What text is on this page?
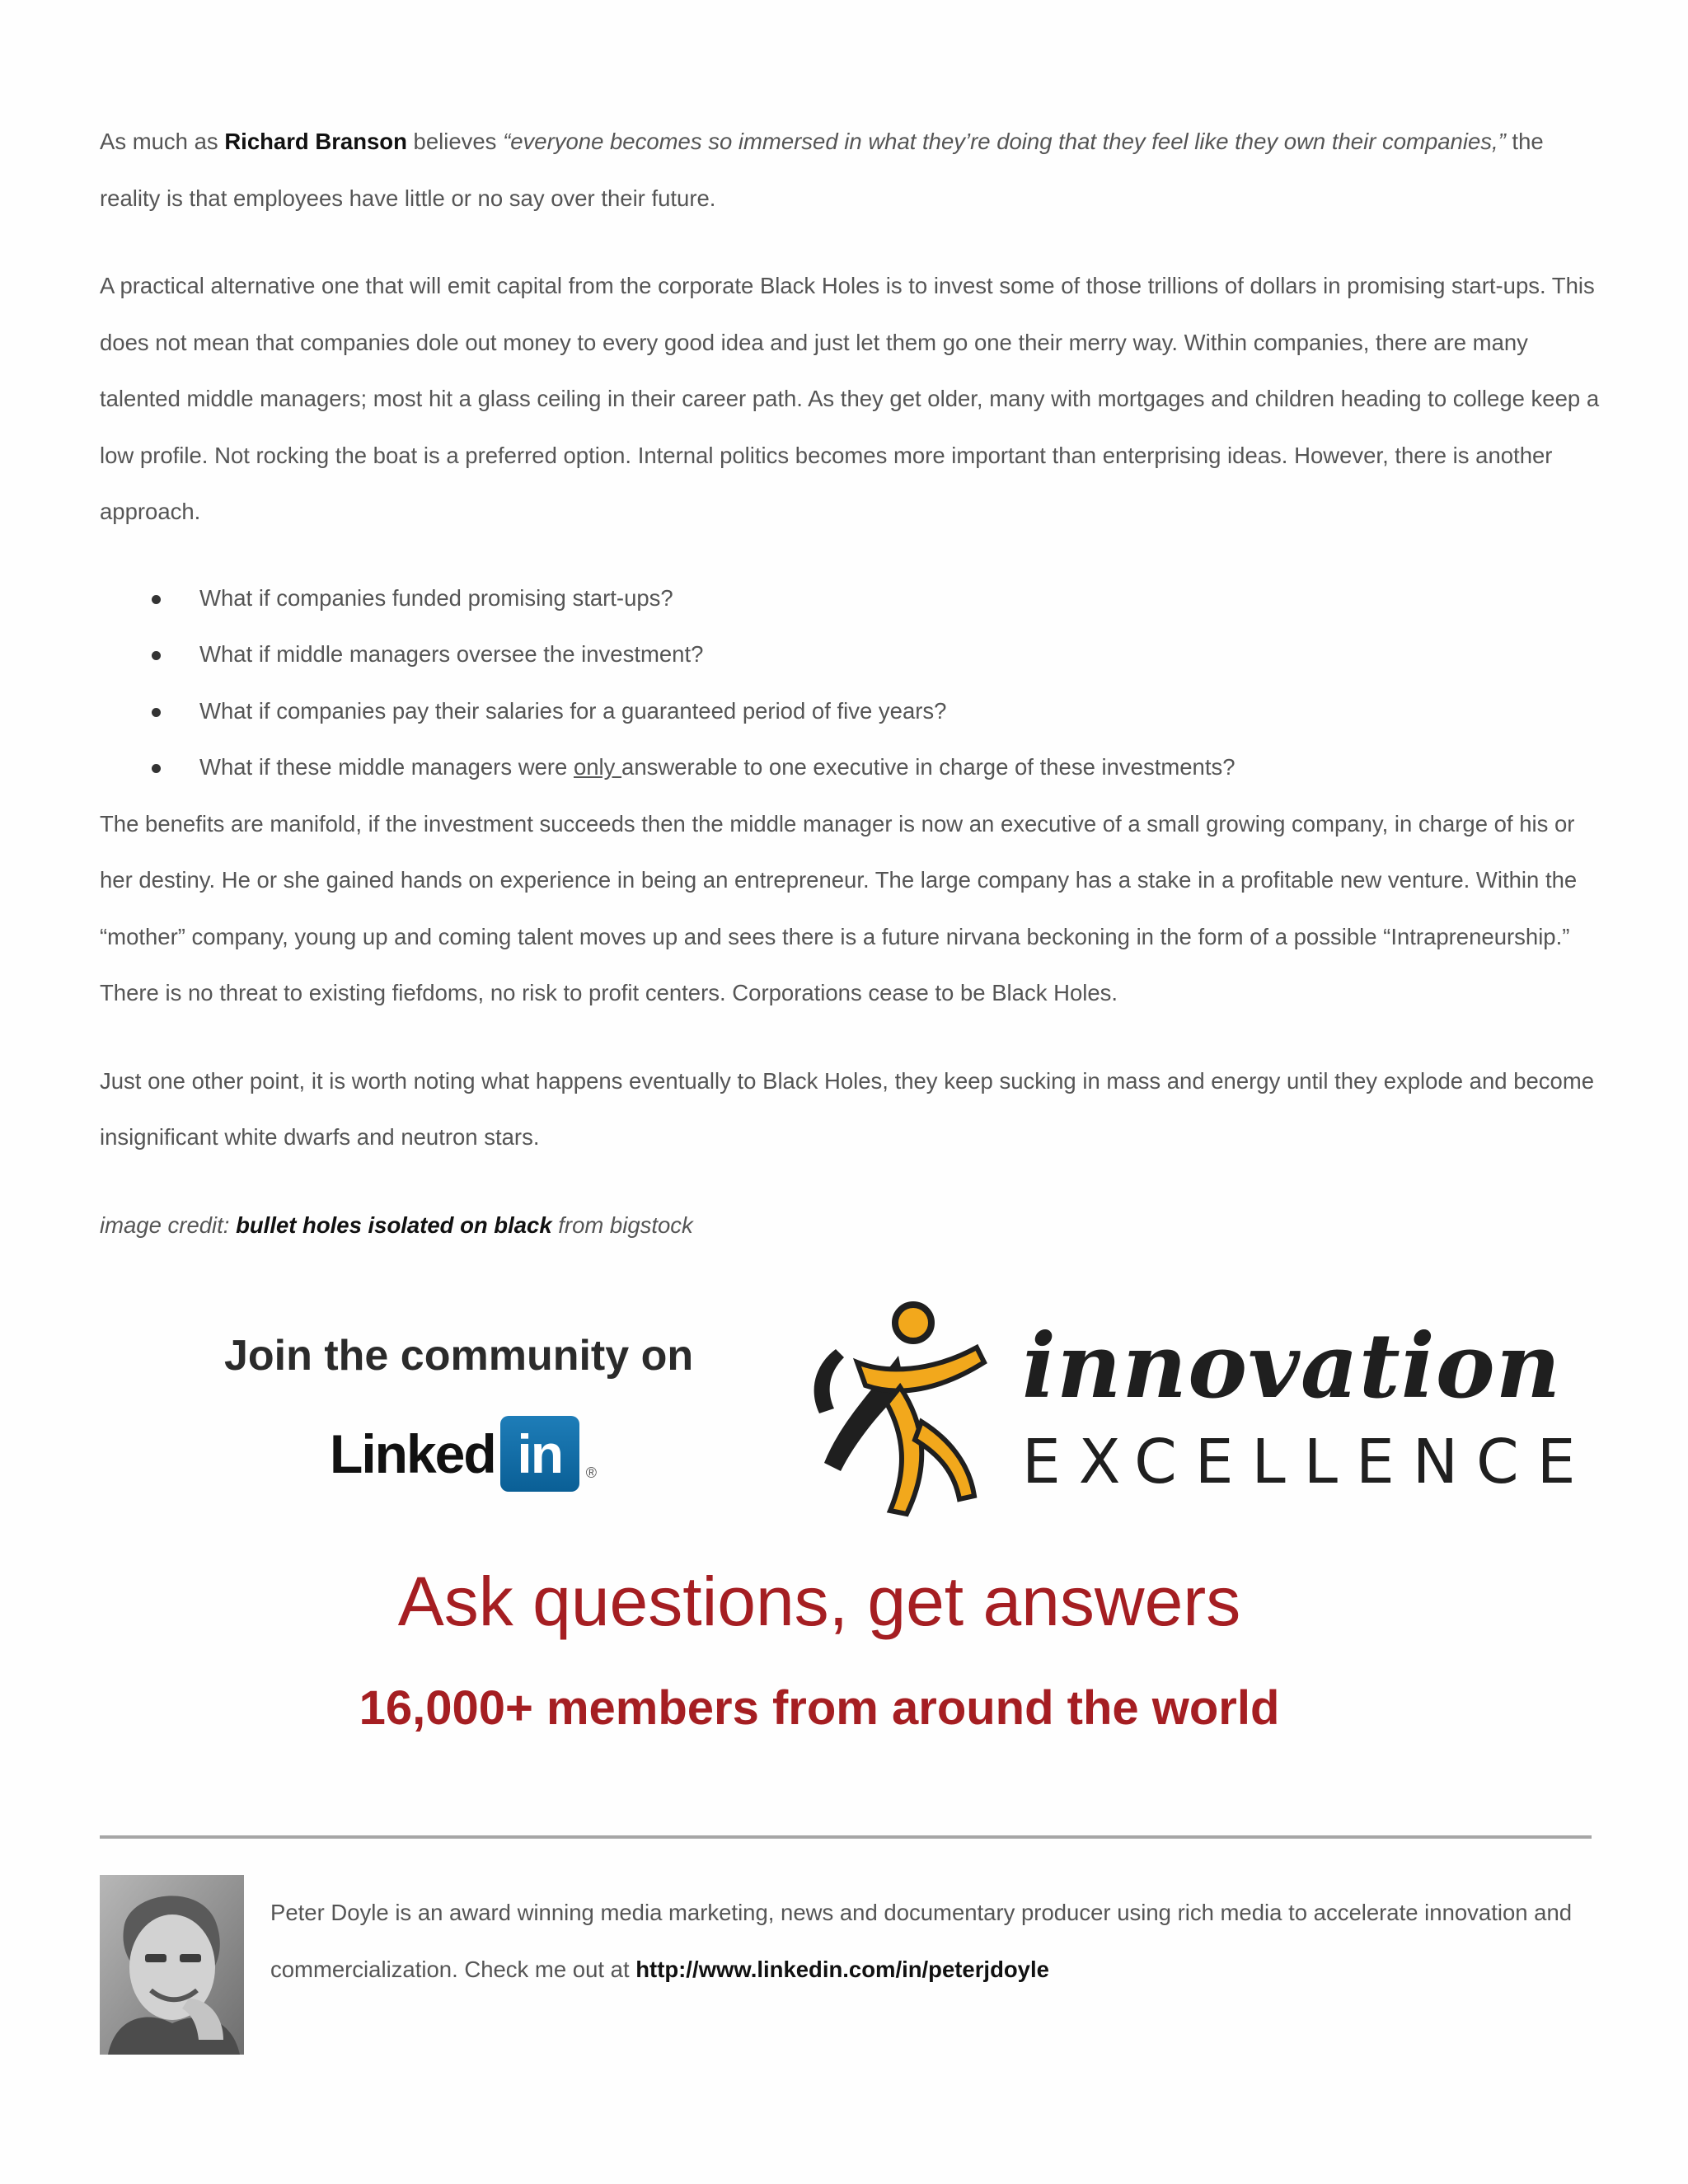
As much as Richard Branson believes “everyone becomes so immersed in what they’re doing that they feel like they own their companies,” the reality is that employees have little or no say over their future.

A practical alternative one that will emit capital from the corporate Black Holes is to invest some of those trillions of dollars in promising start-ups. This does not mean that companies dole out money to every good idea and just let them go one their merry way. Within companies, there are many talented middle managers; most hit a glass ceiling in their career path. As they get older, many with mortgages and children heading to college keep a low profile. Not rocking the boat is a preferred option. Internal politics becomes more important than enterprising ideas. However, there is another approach.

What if companies funded promising start-ups?
What if middle managers oversee the investment?
What if companies pay their salaries for a guaranteed period of five years?
What if these middle managers were only answerable to one executive in charge of these investments?

The benefits are manifold, if the investment succeeds then the middle manager is now an executive of a small growing company, in charge of his or her destiny. He or she gained hands on experience in being an entrepreneur. The large company has a stake in a profitable new venture. Within the “mother” company, young up and coming talent moves up and sees there is a future nirvana beckoning in the form of a possible “Intrapreneurship.” There is no threat to existing fiefdoms, no risk to profit centers. Corporations cease to be Black Holes.

Just one other point, it is worth noting what happens eventually to Black Holes, they keep sucking in mass and energy until they explode and become insignificant white dwarfs and neutron stars.

image credit: bullet holes isolated on black from bigstock

Join the community on
Linked in	®
innovation
EXCELLENCE
Ask questions, get answers
16,000+ members from around the world

Peter Doyle is an award winning media marketing, news and documentary producer using rich media to accelerate innovation and commercialization. Check me out at http://www.linkedin.com/in/peterjdoyle
